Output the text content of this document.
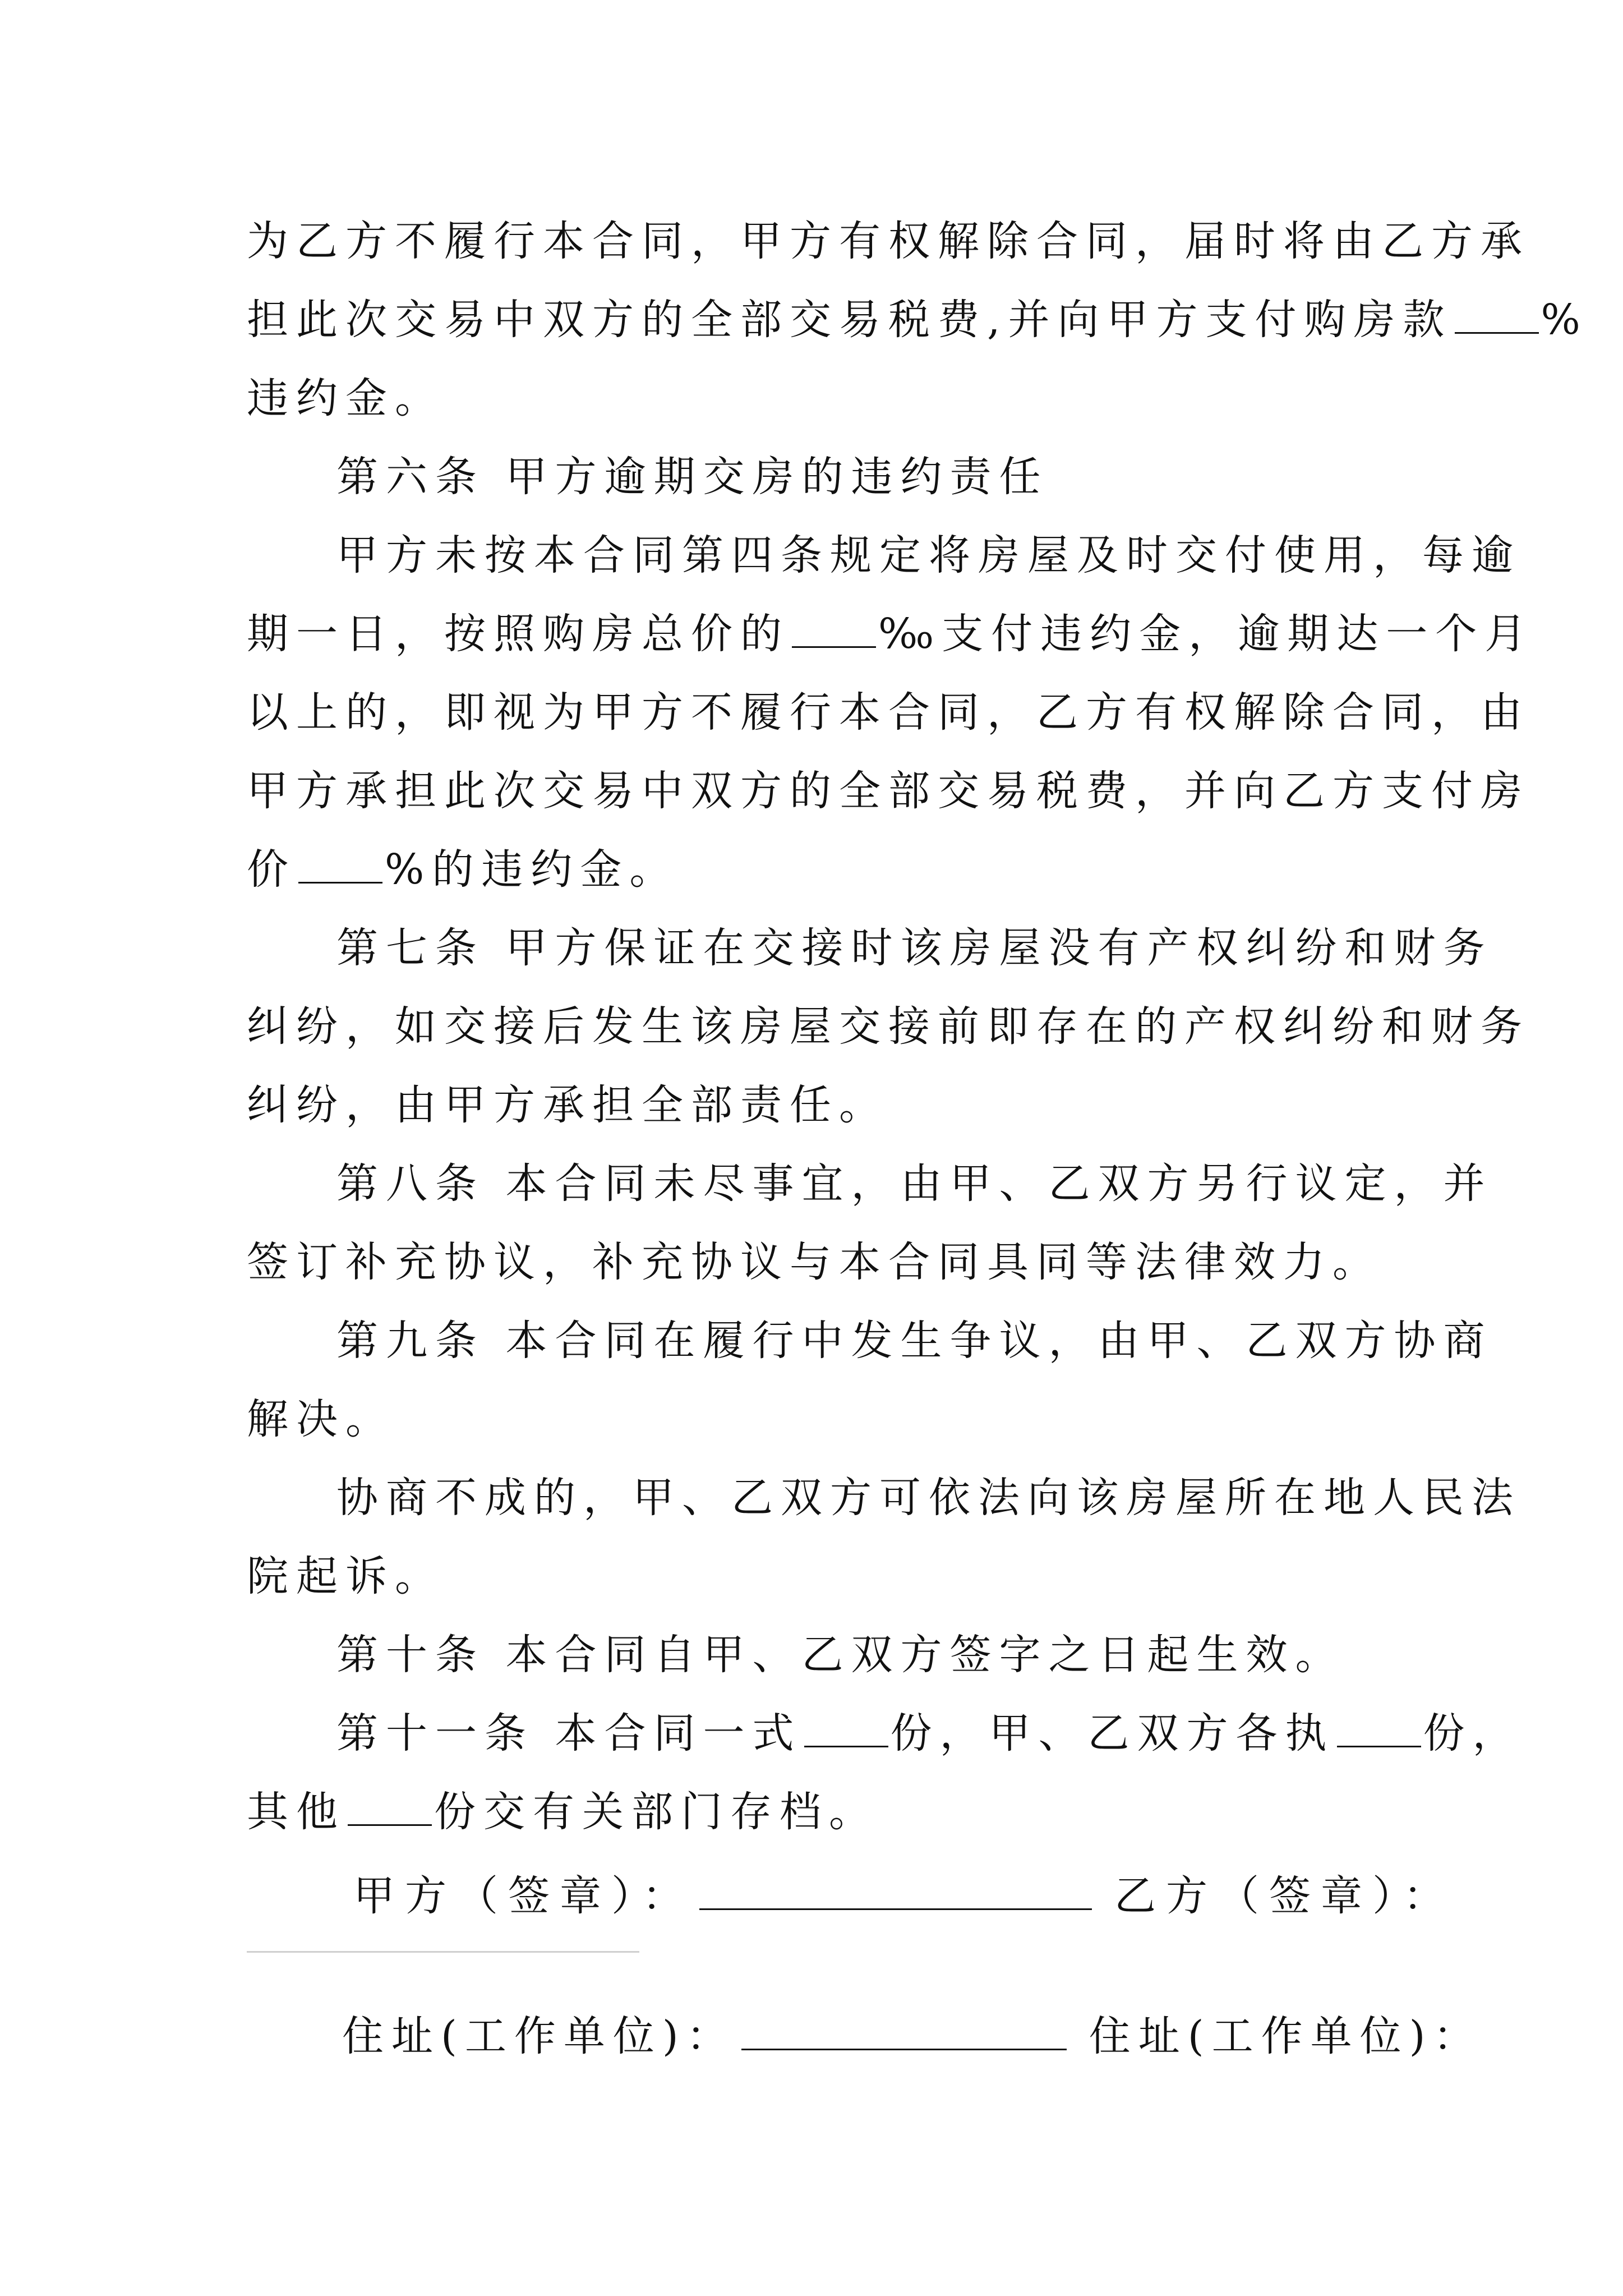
为乙方不履行本合同，甲方有权解除合同，届时将由乙方承
担此次交易中双方的全部交易税费,并向甲方支付购房款 %
违约金。
第六条 甲方逾期交房的违约责任
甲方未按本合同第四条规定将房屋及时交付使用，每逾
期一日，按照购房总价的 ‰支付违约金，逾期达一个月
以上的，即视为甲方不履行本合同，乙方有权解除合同，由
甲方承担此次交易中双方的全部交易税费，并向乙方支付房
价 %的违约金。
第七条 甲方保证在交接时该房屋没有产权纠纷和财务
纠纷，如交接后发生该房屋交接前即存在的产权纠纷和财务
纠纷，由甲方承担全部责任。
第八条 本合同未尽事宜，由甲、乙双方另行议定，并
签订补充协议，补充协议与本合同具同等法律效力。
第九条 本合同在履行中发生争议，由甲、乙双方协商
解决。
协商不成的，甲、乙双方可依法向该房屋所在地人民法
院起诉。
第十条 本合同自甲、乙双方签字之日起生效。
第十一条 本合同一式 份，甲、乙双方各执 份，
其他 份交有关部门存档。
甲方（签章）：	乙方（签章）：
住址(工作单位)：	住址(工作单位)：
